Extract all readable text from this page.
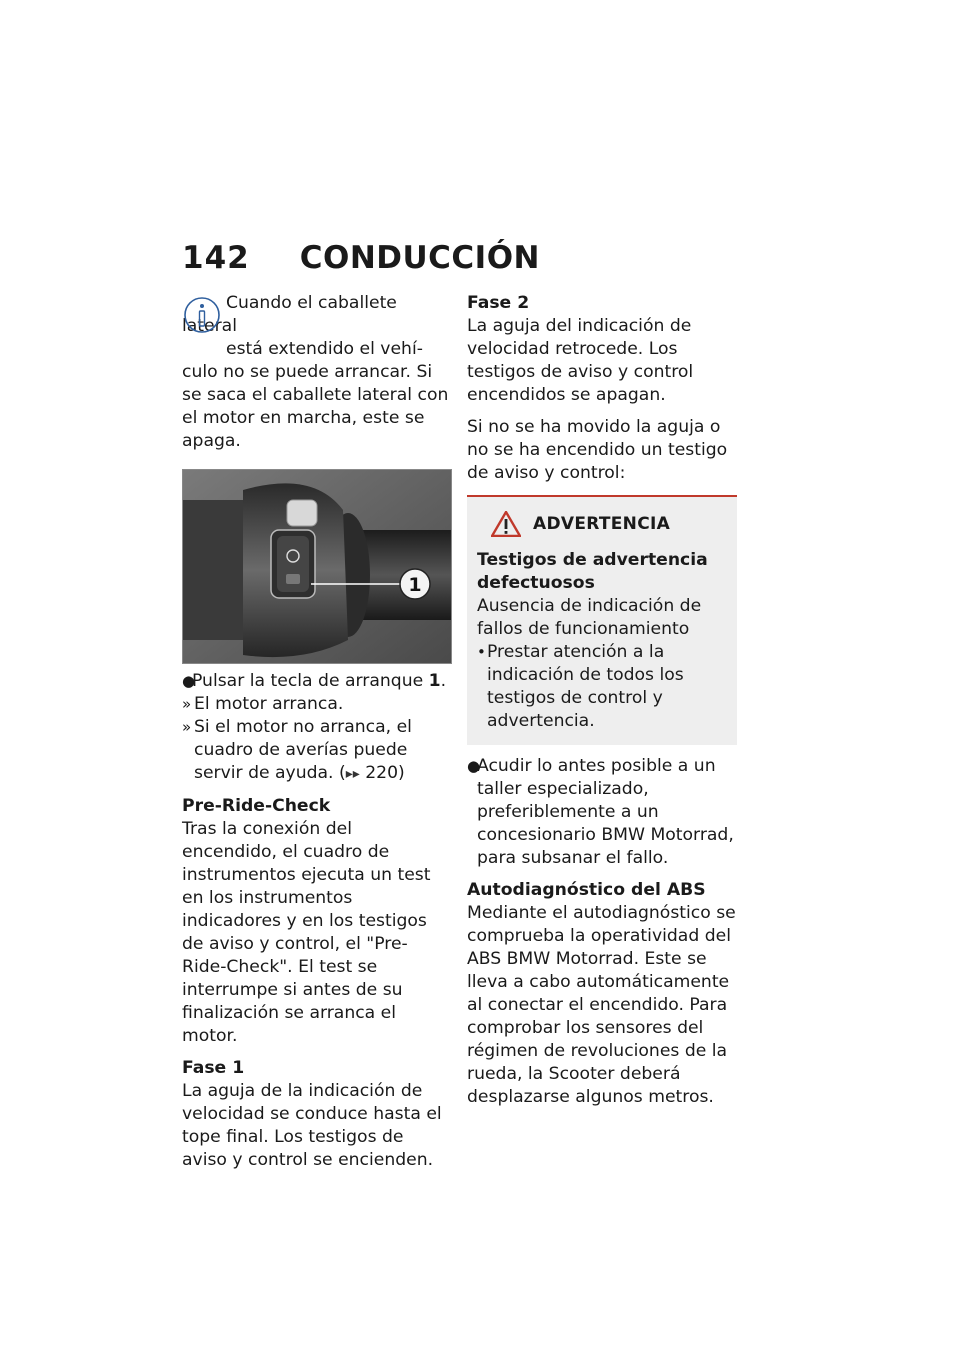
142 CONDUCCIÓN

Cuando el caballete lateral

está extendido el vehí-

culo no se puede arrancar. Si se saca el caballete lateral con el motor en marcha, este se apaga.

1
●
Pulsar la tecla de arranque 1.
» El motor arranca.
» Si el motor no arranca, el cuadro de averías puede servir de ayuda. (▸▸ 220)

Pre-Ride-Check

Tras la conexión del encendido, el cuadro de instrumentos ejecuta un test en los instrumentos indicadores y en los testigos de aviso y control, el "Pre-Ride-Check". El test se interrumpe si antes de su finalización se arranca el motor.

Fase 1

La aguja de la indicación de velocidad se conduce hasta el tope final. Los testigos de aviso y control se encienden.

Fase 2

La aguja del indicación de velocidad retrocede. Los testigos de aviso y control encendidos se apagan.

Si no se ha movido la aguja o no se ha encendido un testigo de aviso y control:

ADVERTENCIA

Testigos de advertencia defectuosos

Ausencia de indicación de fallos de funcionamiento

• Prestar atención a la indicación de todos los testigos de control y advertencia.
●
Acudir lo antes posible a un taller especializado, preferiblemente a un concesionario BMW Motorrad, para subsanar el fallo.

Autodiagnóstico del ABS

Mediante el autodiagnóstico se comprueba la operatividad del ABS BMW Motorrad. Este se lleva a cabo automáticamente al conectar el encendido. Para comprobar los sensores del régimen de revoluciones de la rueda, la Scooter deberá desplazarse algunos metros.
